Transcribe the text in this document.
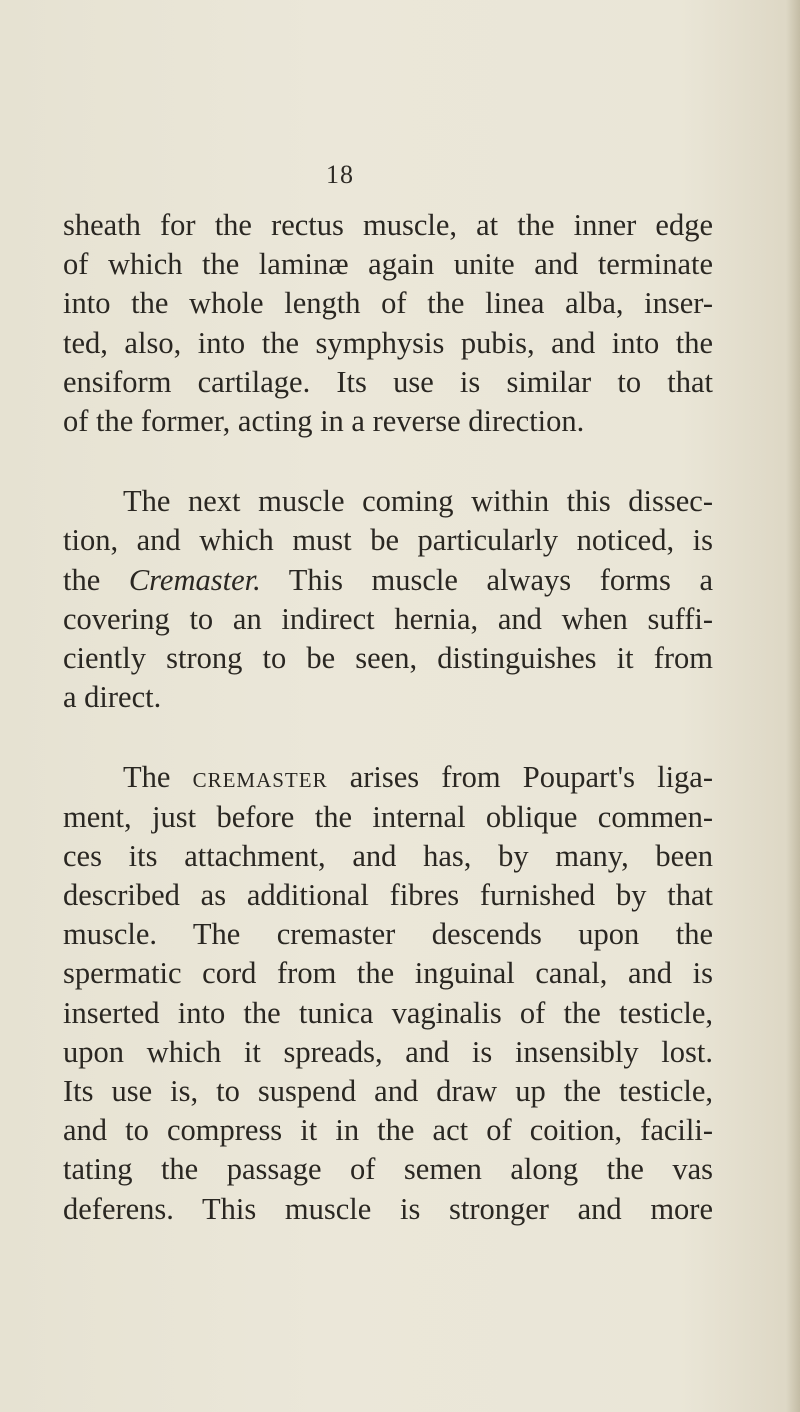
18
sheath for the rectus muscle, at the inner edge
of which the laminæ again unite and terminate
into the whole length of the linea alba, inser-
ted, also, into the symphysis pubis, and into the
ensiform cartilage. Its use is similar to that
of the former, acting in a reverse direction.
The next muscle coming within this dissec-
tion, and which must be particularly noticed, is
the Cremaster. This muscle always forms a
covering to an indirect hernia, and when suffi-
ciently strong to be seen, distinguishes it from
a direct.
The cremaster arises from Poupart's liga-
ment, just before the internal oblique commen-
ces its attachment, and has, by many, been
described as additional fibres furnished by that
muscle. The cremaster descends upon the
spermatic cord from the inguinal canal, and is
inserted into the tunica vaginalis of the testicle,
upon which it spreads, and is insensibly lost.
Its use is, to suspend and draw up the testicle,
and to compress it in the act of coition, facili-
tating the passage of semen along the vas
deferens. This muscle is stronger and more
